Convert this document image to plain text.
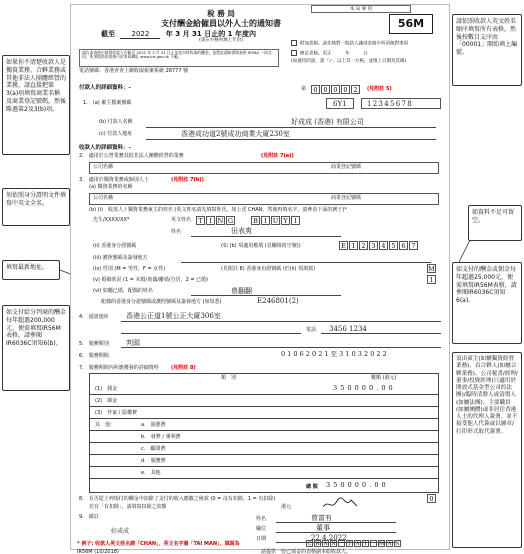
本 局 專 用
56M
稅 務 局
支付酬金給僱員以外人士的通知書
截至 2022 年 3 月 31 日止的 1 年度內
(請在方格內填上年份)
附加表格。請先核對一收款人識別表格中所須核對事項
修訂表格。更正　　　年　　　日
(如適用的請，請「✓」以上其一方格，並填上日期及頁碼)
請在本表格中填寫收款人在截至 2022 年 3 月 31 日止年度內所收取的酬金，並將此通知書與表格 IR56A 一同交回。所須填寫的表格可於本局網址 www.ird.gov.hk 下載。
電話號碼：香港查查上網收取報案系統 28777 號
付款人的詳細資料：-	第	0 0 0 0 2	(見附註 5)
1.　(a) 僱主檔案號碼	6Y1	12345678
(b) 付款人名稱	好成成 (香港) 有限公司
(c) 付款人地址	香港成功道2號成功商業大廈230室
收款人的詳細資料：-
2.　適用於公營業務其批非法人團體經營的業務	(見附註 7(a))
公司名稱	商業登記號碼
3.　適用於獨資業務或個別人士	(見附註 7(b))
(a) 獨資業務的名稱
公司名稱	商業登記號碼
(b) (i)　收款人 / 獨資業務東主的姓名 (英文姓名請先填寫姓氏，如上述 CHAN，然後再填名字，請參看下面的例子)*
先生/XXXX/XX*	英文姓名	T	I N G	B I U Y	I
姓名	田表爽
(ii) 香港身分證號碼	(如 (b) 項適用應填 (見欄填寫空號))	E 1 2 3 4 5 6 7
(iii) 護照號碼及簽發地方
(iv) 性別 (M = 男性，F = 女性)	(見附註 8) 香港身份證號碼 (於(ii) 項填寫)	M
(v) 婚姻狀況 (1 = 未婚/喪偶/離婚/分居，2 = 已婚)	1
(vi) 如屬已婚，配偶的姓名	曾翻翻
配偶的香港身分證號碼或護照號碼及簽發地方 (如知悉)	E246801(2)
4.　通訊地址 香港公正道1號公正大廈306室
電話 3456 1234
5.　服務類別 判頭
6.　服務期間	0 1 0 6 2 0 2 1 至 3 1 0 3 2 0 2 2
7.　服務期間內所應獲發的詳細資料 (見附註 8)
類　別	數額 (港元)
總 額 3 5 0 0 0 0 . 0 0
8.　有否從上列項付的酬金中扣除了支付的收入應繳之稅款 (0 = 沒有扣除，1 = 有扣除)	0
若有「有扣除」，請填寫扣除之款額	港元
9.　備註	姓名	曾富有
職位	董事
日期	22.4.2022
好成成
* 例子: 收款人英文姓名謂「CHAN」，英文名字謂「TAI MAN」，填寫為	C H A N	T A	I	M A N
IR56M (10/2018)	請提供一份已填妥的表格副本給收款人。
(1)　佣金	3 5 0 0 0 0 . 0 0
(2)　雜金
(3)　作家 / 版權費
其　他：	a.　演藝費
b.　發費 / 專利費
c.　顧問費
d.　服務費
e.　其他
如果你不清楚收款人是獨資業務、合夥業務或其他非法人團體經營的業務，請直接把第3(a)項填寫商業名稱及商業登記號碼，然後略過第2及3(b)項。
須依照身分證明文件填寫中英文全名。
填寫最新地址。
如支付給分判商的酬金每年超過200,000元，便需填寫IR56M表格，請參閱IR6036C須知6(b)。
請依照收款人英文姓名順序填寫所有表格，然後按數目支序由「00001」開始填上編號。
如資料不足可留空。
如支付的酬金或佣金每年超過25,000元，便需填寫IR56M表格，請參閱IR6036C須知6(a)。
須由東主(如屬獨資經營業務)、首合夥人(如屬合夥業務)、公司秘書/經理/董事/投資經理(只適用於開放式基金型公司的法團)/臨時清盤人或清盤人(如屬法團)、主要職員(如屬團體)或非居住香港人士的代理人簽署。並不接受他人代簽或以圖章/打印形式取代簽署。
